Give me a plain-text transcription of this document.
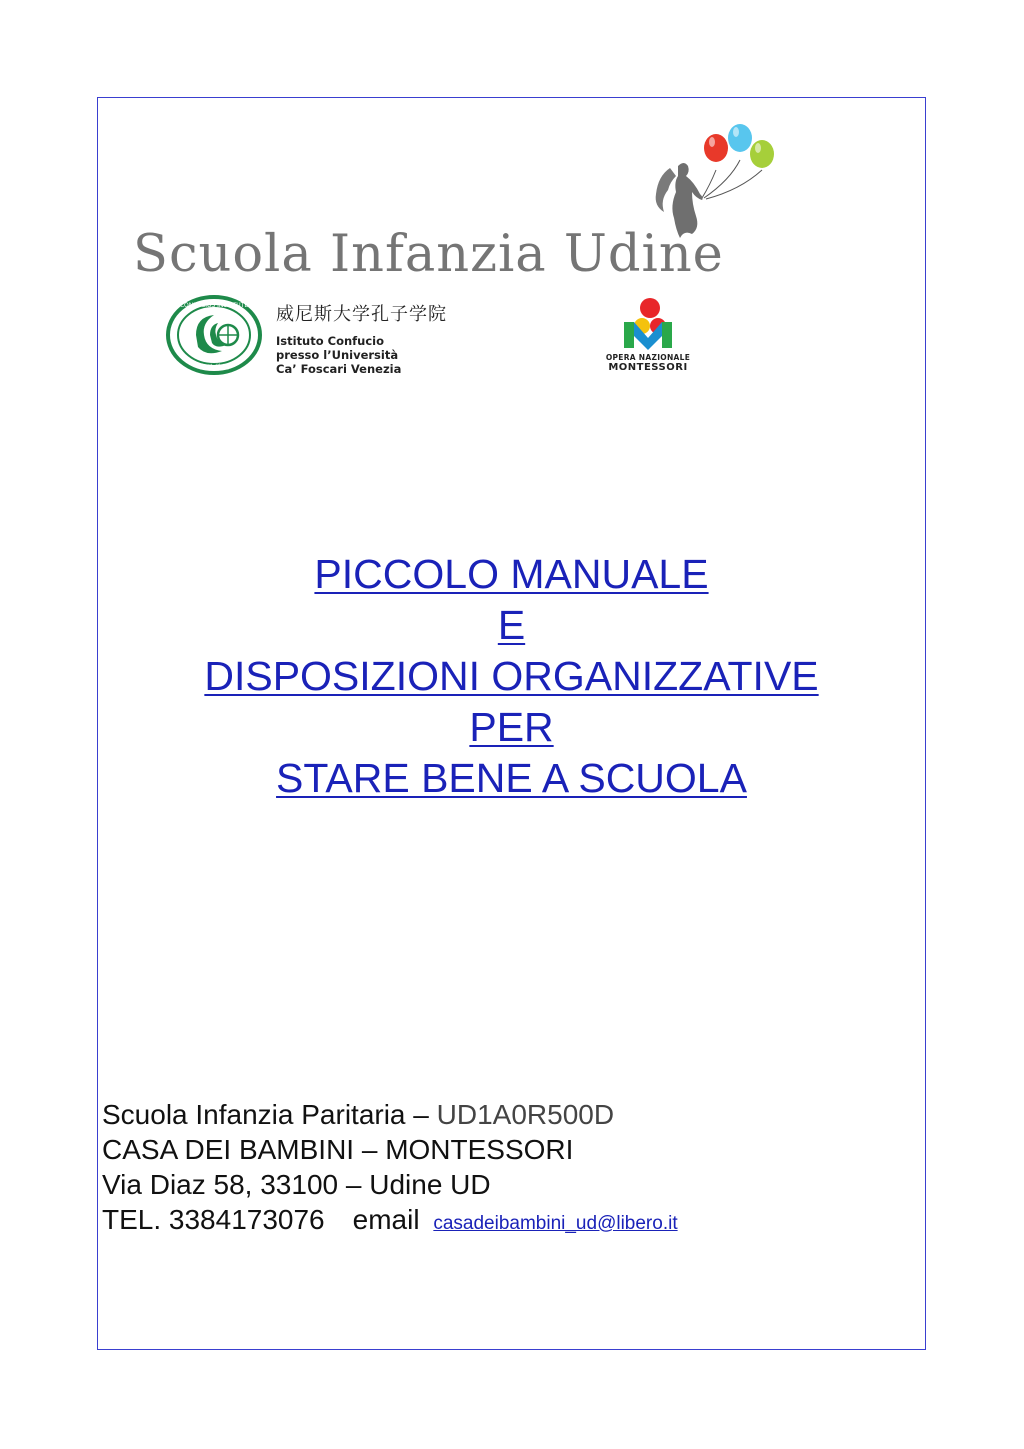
Scuola Infanzia Udine
CONFUCIUS INSTITUTE
孔 子 学 院
威尼斯大学孔子学院
Istituto Confucio
presso l’Università
Ca’ Foscari Venezia
OPERA NAZIONALE
MONTESSORI
PICCOLO MANUALE
E
DISPOSIZIONI ORGANIZZATIVE
PER
STARE BENE A SCUOLA
Scuola Infanzia Paritaria – UD1A0R500D
CASA DEI BAMBINI – MONTESSORI
Via Diaz 58, 33100 – Udine UD
TEL. 3384173076 email casadeibambini_ud@libero.it
